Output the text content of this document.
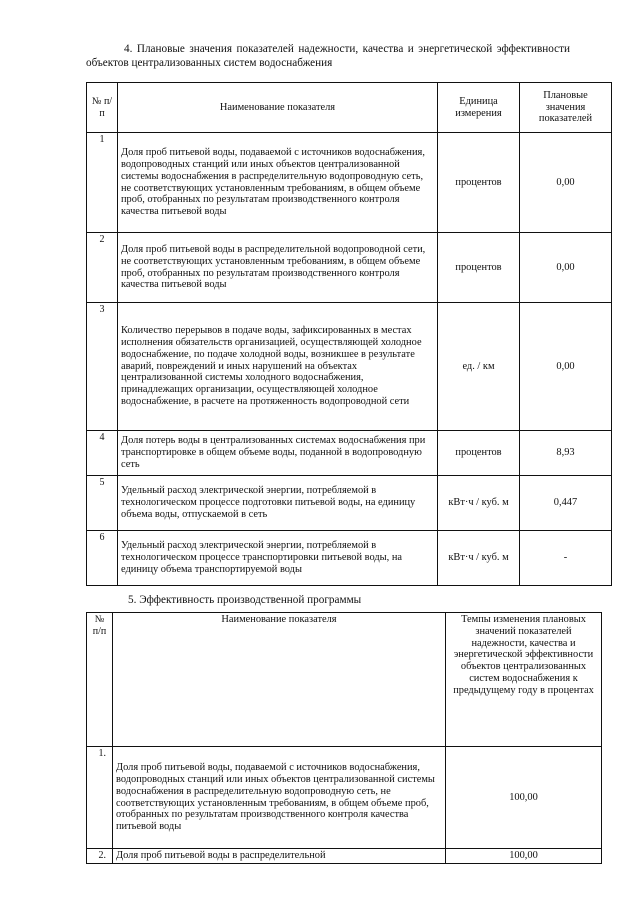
4. Плановые значения показателей надежности, качества и энергетической эффективности объектов централизованных систем водоснабжения
№ п/п	Наименование показателя	Единица измерения	Плановые значения показателей
1	Доля проб питьевой воды, подаваемой с источников водоснабжения, водопроводных станций или иных объектов централизованной системы водоснабжения в распределительную водопроводную сеть, не соответствующих установленным требованиям, в общем объеме проб, отобранных по результатам производственного контроля качества питьевой воды	процентов	0,00
2	Доля проб питьевой воды в распределительной водопроводной сети, не соответствующих установленным требованиям, в общем объеме проб, отобранных по результатам производственного контроля качества питьевой воды	процентов	0,00
3	Количество перерывов в подаче воды, зафиксированных в местах исполнения обязательств организацией, осуществляющей холодное водоснабжение, по подаче холодной воды, возникшее в результате аварий, повреждений и иных нарушений на объектах централизованной системы холодного водоснабжения, принадлежащих организации, осуществляющей холодное водоснабжение, в расчете на протяженность водопроводной сети	ед. / км	0,00
4	Доля потерь воды в централизованных системах водоснабжения при транспортировке в общем объеме воды, поданной в водопроводную сеть	процентов	8,93
5	Удельный расход электрической энергии, потребляемой в технологическом процессе подготовки питьевой воды, на единицу объема воды, отпускаемой в сеть	кВт·ч / куб. м	0,447
6	Удельный расход электрической энергии, потребляемой в технологическом процессе транспортировки питьевой воды, на единицу объема транспортируемой воды	кВт·ч / куб. м	-
5. Эффективность производственной программы
№ п/п	Наименование показателя	Темпы изменения плановых значений показателей надежности, качества и энергетической эффективности объектов централизованных систем водоснабжения к предыдущему году в процентах
1.	Доля проб питьевой воды, подаваемой с источников водоснабжения, водопроводных станций или иных объектов централизованной системы водоснабжения в распределительную водопроводную сеть, не соответствующих установленным требованиям, в общем объеме проб, отобранных по результатам производственного контроля качества питьевой воды	100,00
2.	Доля проб питьевой воды в распределительной	100,00
